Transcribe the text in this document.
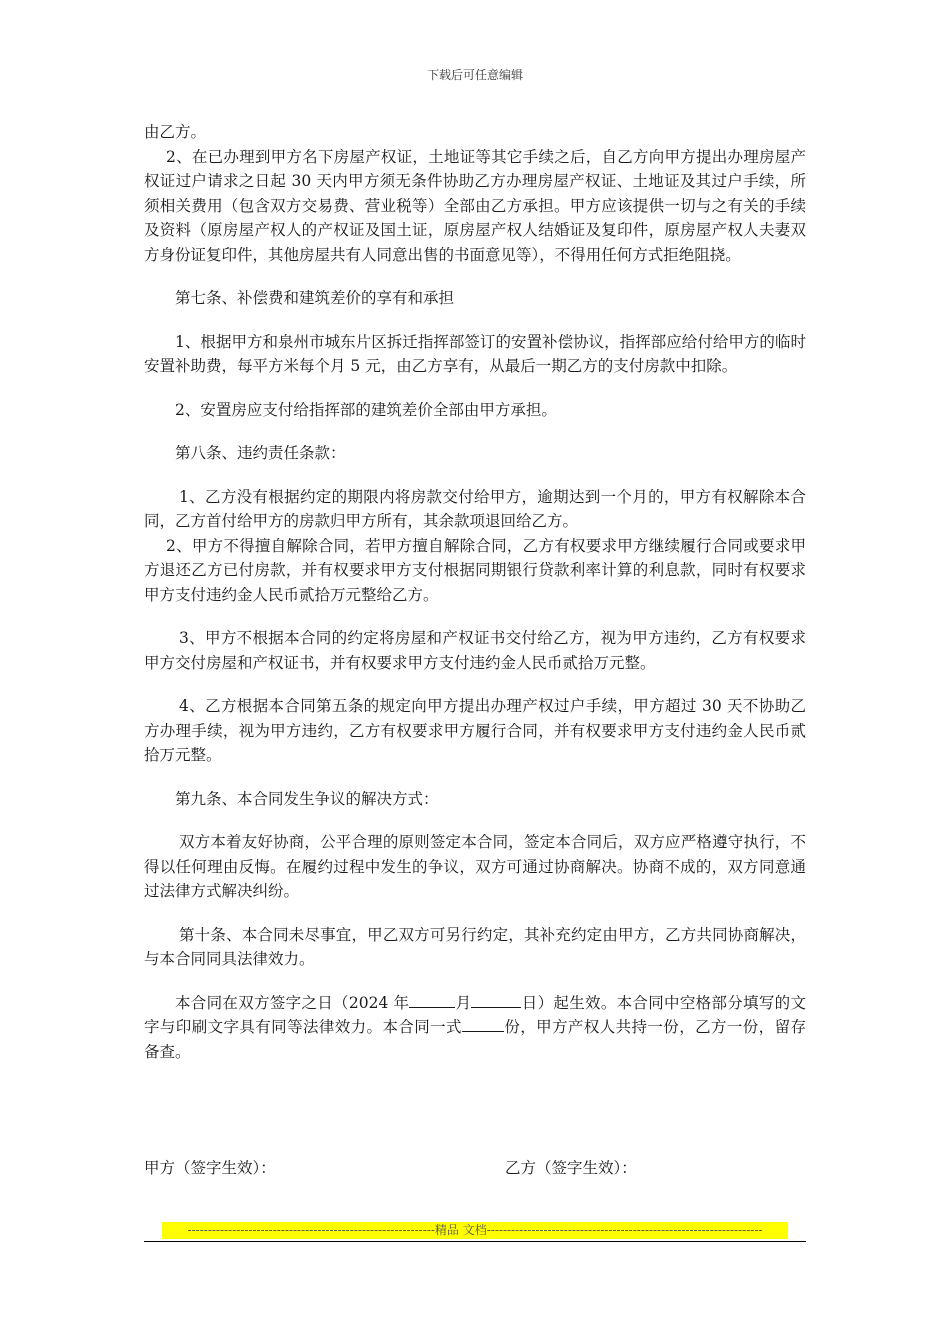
下载后可任意编辑

由乙方。

2、在已办理到甲方名下房屋产权证，土地证等其它手续之后，自乙方向甲方提出办理房屋产权证过户请求之日起 30 天内甲方须无条件协助乙方办理房屋产权证、土地证及其过户手续，所须相关费用（包含双方交易费、营业税等）全部由乙方承担。甲方应该提供一切与之有关的手续及资料（原房屋产权人的产权证及国土证，原房屋产权人结婚证及复印件，原房屋产权人夫妻双方身份证复印件，其他房屋共有人同意出售的书面意见等），不得用任何方式拒绝阻挠。

第七条、补偿费和建筑差价的享有和承担

1、根据甲方和泉州市城东片区拆迁指挥部签订的安置补偿协议，指挥部应给付给甲方的临时安置补助费，每平方米每个月 5 元，由乙方享有，从最后一期乙方的支付房款中扣除。

2、安置房应支付给指挥部的建筑差价全部由甲方承担。

第八条、违约责任条款：

1、乙方没有根据约定的期限内将房款交付给甲方，逾期达到一个月的，甲方有权解除本合同，乙方首付给甲方的房款归甲方所有，其余款项退回给乙方。

2、甲方不得擅自解除合同，若甲方擅自解除合同，乙方有权要求甲方继续履行合同或要求甲方退还乙方已付房款，并有权要求甲方支付根据同期银行贷款利率计算的利息款，同时有权要求甲方支付违约金人民币贰拾万元整给乙方。

3、甲方不根据本合同的约定将房屋和产权证书交付给乙方，视为甲方违约，乙方有权要求甲方交付房屋和产权证书，并有权要求甲方支付违约金人民币贰拾万元整。

4、乙方根据本合同第五条的规定向甲方提出办理产权过户手续，甲方超过 30 天不协助乙方办理手续，视为甲方违约，乙方有权要求甲方履行合同，并有权要求甲方支付违约金人民币贰拾万元整。

第九条、本合同发生争议的解决方式：

双方本着友好协商，公平合理的原则签定本合同，签定本合同后，双方应严格遵守执行，不得以任何理由反悔。在履约过程中发生的争议，双方可通过协商解决。协商不成的，双方同意通过法律方式解决纠纷。

第十条、本合同未尽事宜，甲乙双方可另行约定，其补充约定由甲方，乙方共同协商解决，与本合同同具法律效力。

本合同在双方签字之日（2024 年	月	日）起生效。本合同中空格部分填写的文字与印刷文字具有同等法律效力。本合同一式	份，甲方产权人共持一份，乙方一份，留存备查。

甲方（签字生效）：	乙方（签字生效）：
-------------------------------------------------------------精品 文档--------------------------------------------------------------------
